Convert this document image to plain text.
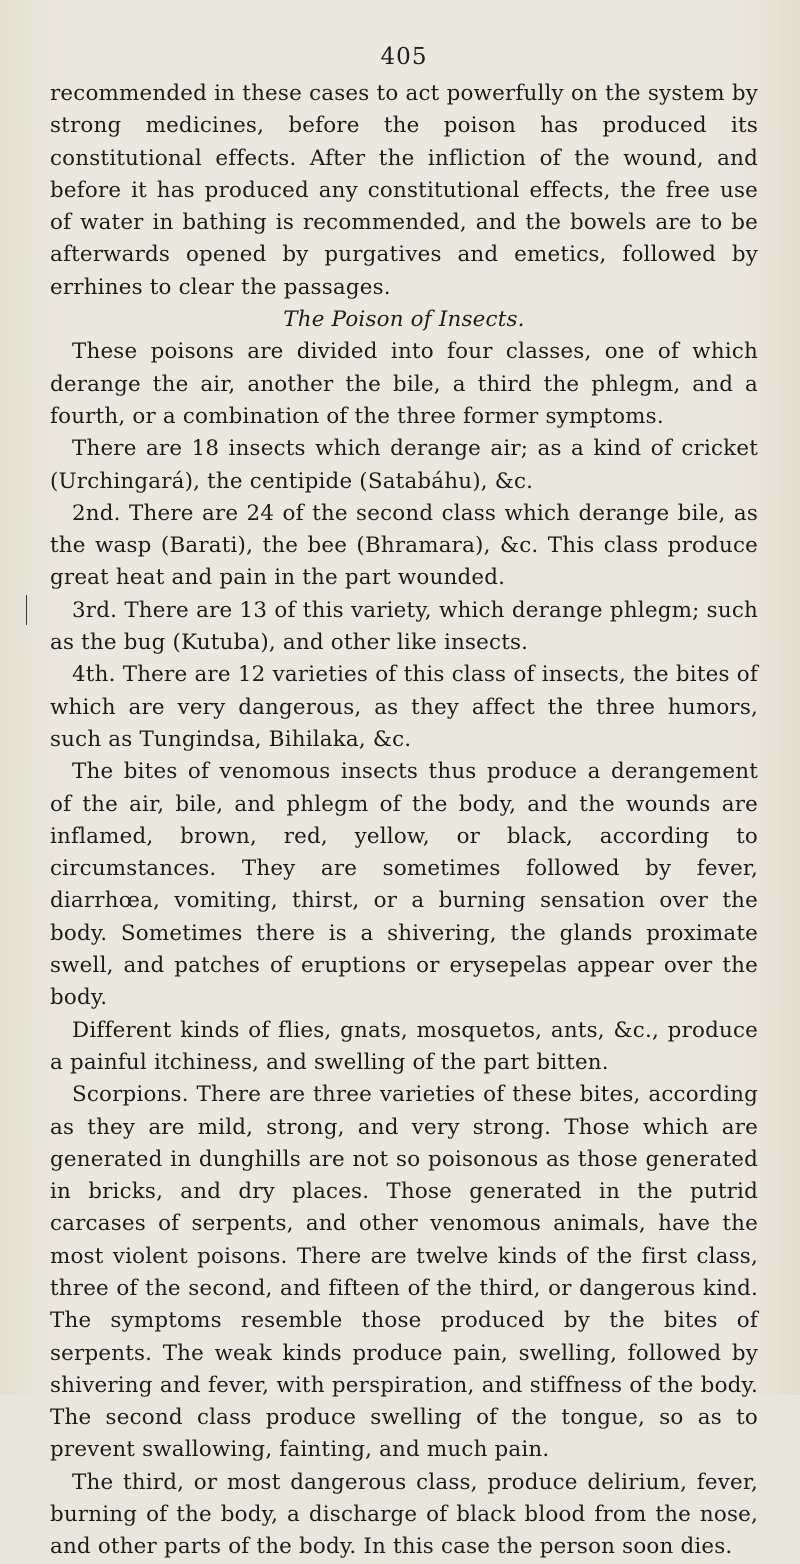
405

recommended in these cases to act powerfully on the system by strong medicines, before the poison has produced its constitutional effects. After the infliction of the wound, and before it has produced any constitutional effects, the free use of water in bathing is recommended, and the bowels are to be afterwards opened by purgatives and emetics, followed by errhines to clear the passages.

The Poison of Insects.

These poisons are divided into four classes, one of which derange the air, another the bile, a third the phlegm, and a fourth, or a combination of the three former symptoms.

There are 18 insects which derange air; as a kind of cricket (Urchingará), the centipide (Satabáhu), &c.

2nd. There are 24 of the second class which derange bile, as the wasp (Barati), the bee (Bhramara), &c. This class produce great heat and pain in the part wounded.

3rd. There are 13 of this variety, which derange phlegm; such as the bug (Kutuba), and other like insects.

4th. There are 12 varieties of this class of insects, the bites of which are very dangerous, as they affect the three humors, such as Tungindsa, Bihilaka, &c.

The bites of venomous insects thus produce a derangement of the air, bile, and phlegm of the body, and the wounds are inflamed, brown, red, yellow, or black, according to circumstances. They are sometimes followed by fever, diarrhœa, vomiting, thirst, or a burning sensation over the body. Sometimes there is a shivering, the glands proximate swell, and patches of eruptions or erysepelas appear over the body.

Different kinds of flies, gnats, mosquetos, ants, &c., produce a painful itchiness, and swelling of the part bitten.

Scorpions. There are three varieties of these bites, according as they are mild, strong, and very strong. Those which are generated in dunghills are not so poisonous as those generated in bricks, and dry places. Those generated in the putrid carcases of serpents, and other venomous animals, have the most violent poisons. There are twelve kinds of the first class, three of the second, and fifteen of the third, or dangerous kind. The symptoms resemble those produced by the bites of serpents. The weak kinds produce pain, swelling, followed by shivering and fever, with perspiration, and stiffness of the body. The second class produce swelling of the tongue, so as to prevent swallowing, fainting, and much pain.

The third, or most dangerous class, produce delirium, fever, burning of the body, a discharge of black blood from the nose, and other parts of the body. In this case the person soon dies.
